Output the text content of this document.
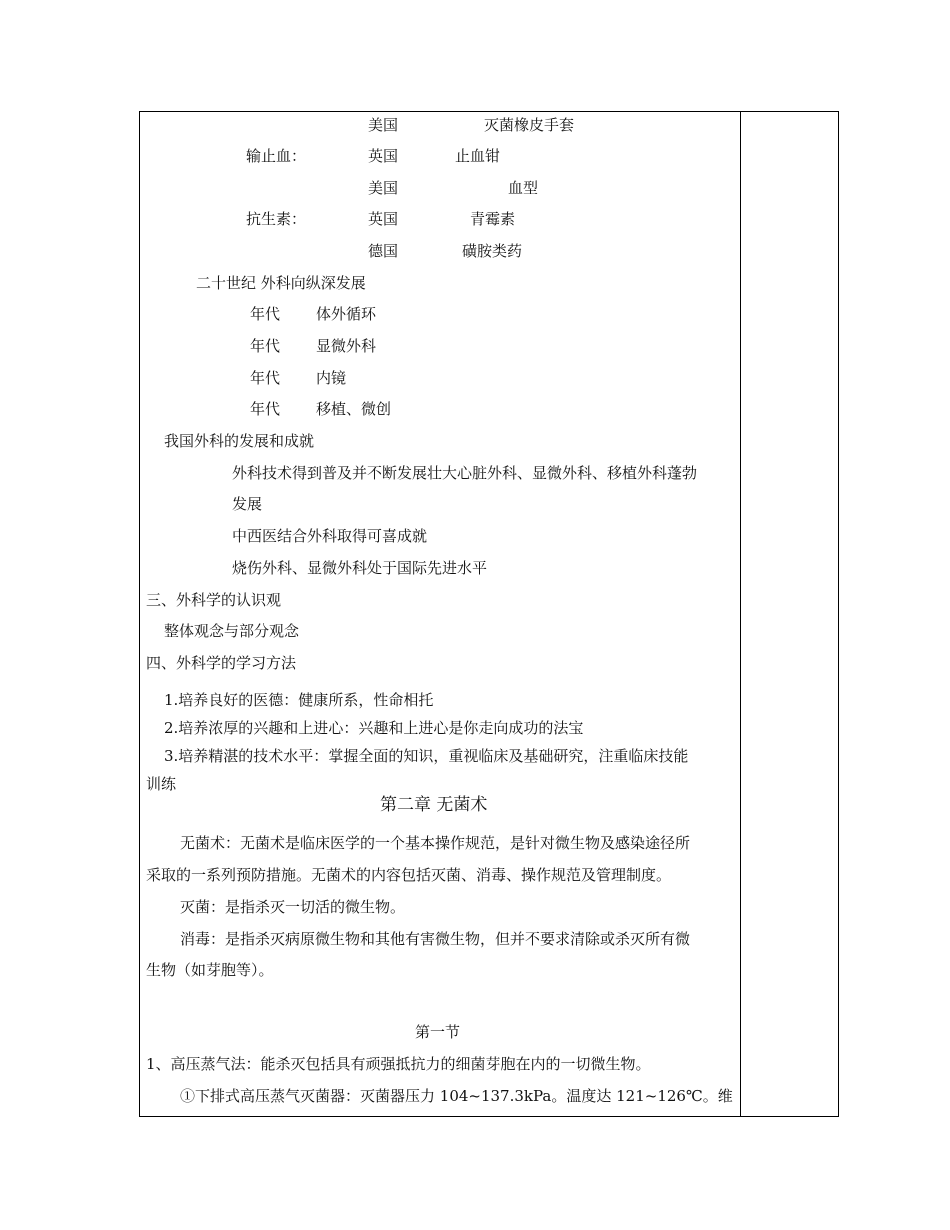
美国	灭菌橡皮手套
输止血：	英国	止血钳
美国	血型
抗生素：	英国	青霉素
德国	磺胺类药
二十世纪 外科向纵深发展
年代 体外循环
年代 显微外科
年代 内镜
年代 移植、微创
我国外科的发展和成就
外科技术得到普及并不断发展壮大心脏外科、显微外科、移植外科蓬勃
发展
中西医结合外科取得可喜成就
烧伤外科、显微外科处于国际先进水平
三、外科学的认识观
整体观念与部分观念
四、外科学的学习方法
1.培养良好的医德：健康所系，性命相托
2.培养浓厚的兴趣和上进心：兴趣和上进心是你走向成功的法宝
3.培养精湛的技术水平：掌握全面的知识，重视临床及基础研究，注重临床技能
训练
第二章 无菌术
无菌术：无菌术是临床医学的一个基本操作规范，是针对微生物及感染途径所
采取的一系列预防措施。无菌术的内容包括灭菌、消毒、操作规范及管理制度。
灭菌：是指杀灭一切活的微生物。
消毒：是指杀灭病原微生物和其他有害微生物，但并不要求清除或杀灭所有微
生物（如芽胞等）。
第一节
1、高压蒸气法：能杀灭包括具有顽强抵抗力的细菌芽胞在内的一切微生物。
①下排式高压蒸气灭菌器：灭菌器压力 104~137.3kPa。温度达 121~126℃。维
